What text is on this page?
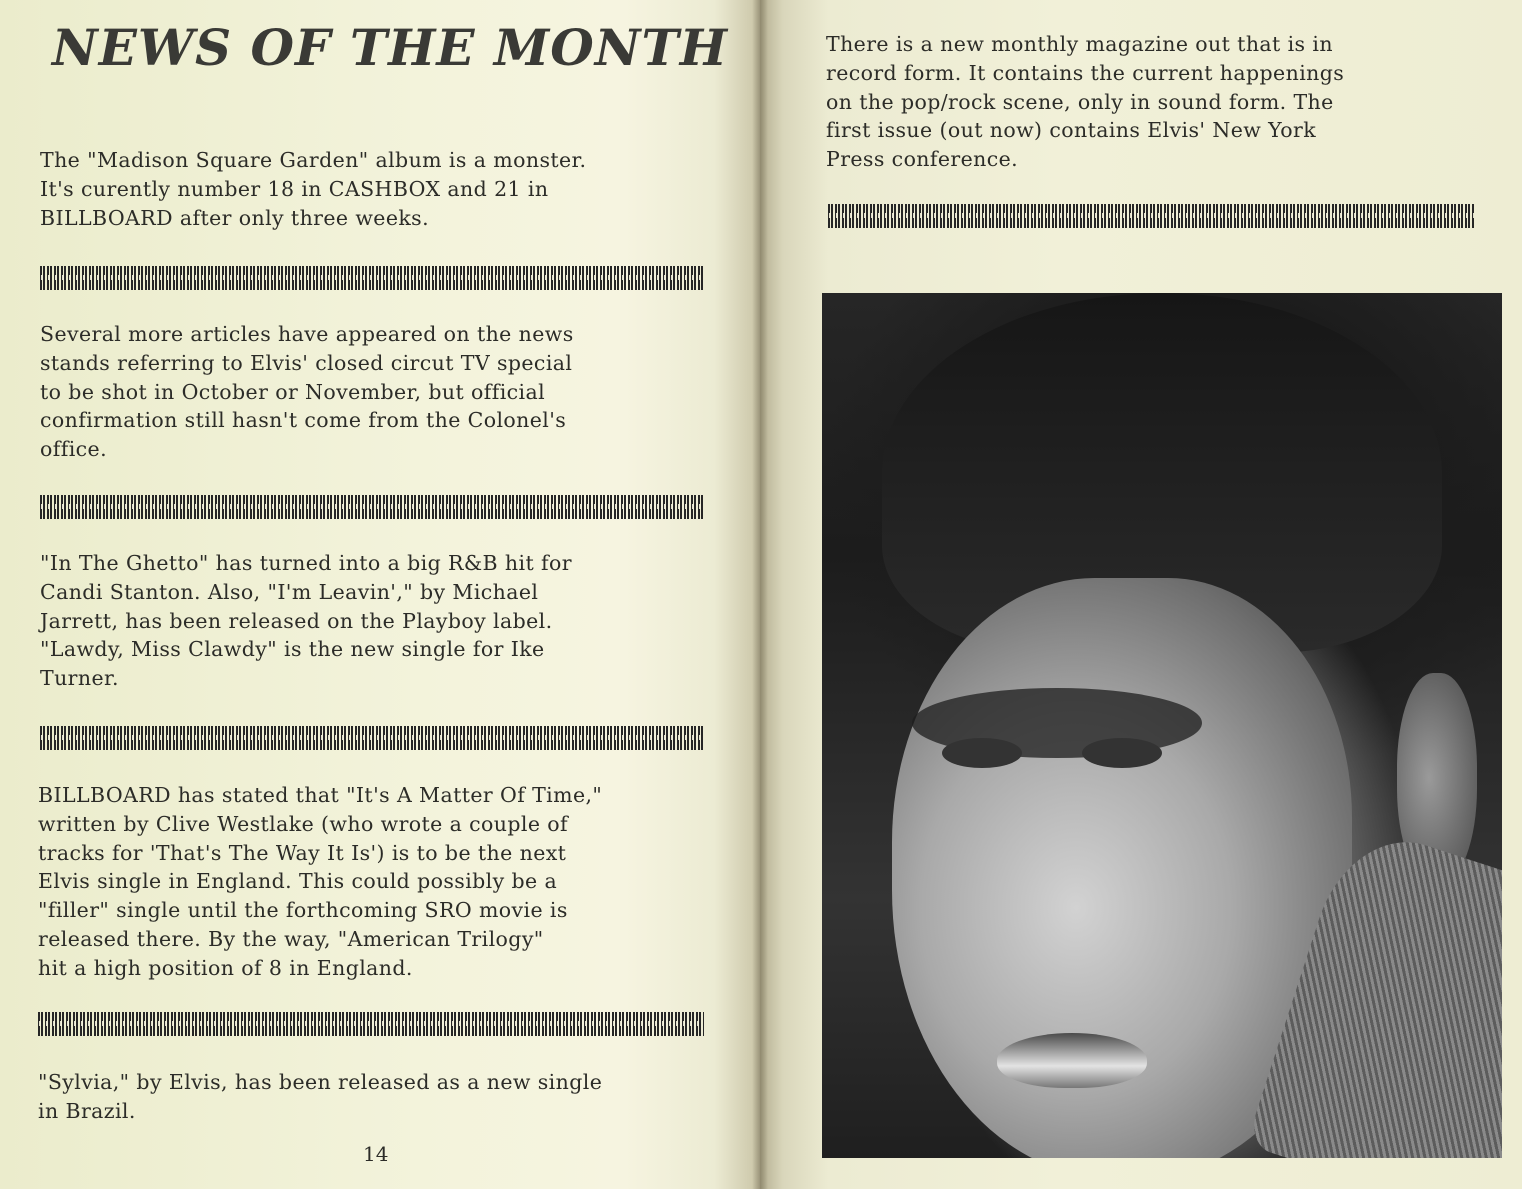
NEWS OF THE MONTH

The "Madison Square Garden" album is a monster.
It's curently number 18 in CASHBOX and 21 in
BILLBOARD after only three weeks.

Several more articles have appeared on the news
stands referring to Elvis' closed circut TV special
to be shot in October or November, but official
confirmation still hasn't come from the Colonel's
office.

"In The Ghetto" has turned into a big R&B hit for
Candi Stanton. Also, "I'm Leavin'," by Michael
Jarrett, has been released on the Playboy label.
"Lawdy, Miss Clawdy" is the new single for Ike
Turner.

BILLBOARD has stated that "It's A Matter Of Time,"
written by Clive Westlake (who wrote a couple of
tracks for 'That's The Way It Is') is to be the next
Elvis single in England. This could possibly be a
"filler" single until the forthcoming SRO movie is
released there. By the way, "American Trilogy"
hit a high position of 8 in England.

"Sylvia," by Elvis, has been released as a new single
in Brazil.

14

There is a new monthly magazine out that is in
record form. It contains the current happenings
on the pop/rock scene, only in sound form. The
first issue (out now) contains Elvis' New York
Press conference.
